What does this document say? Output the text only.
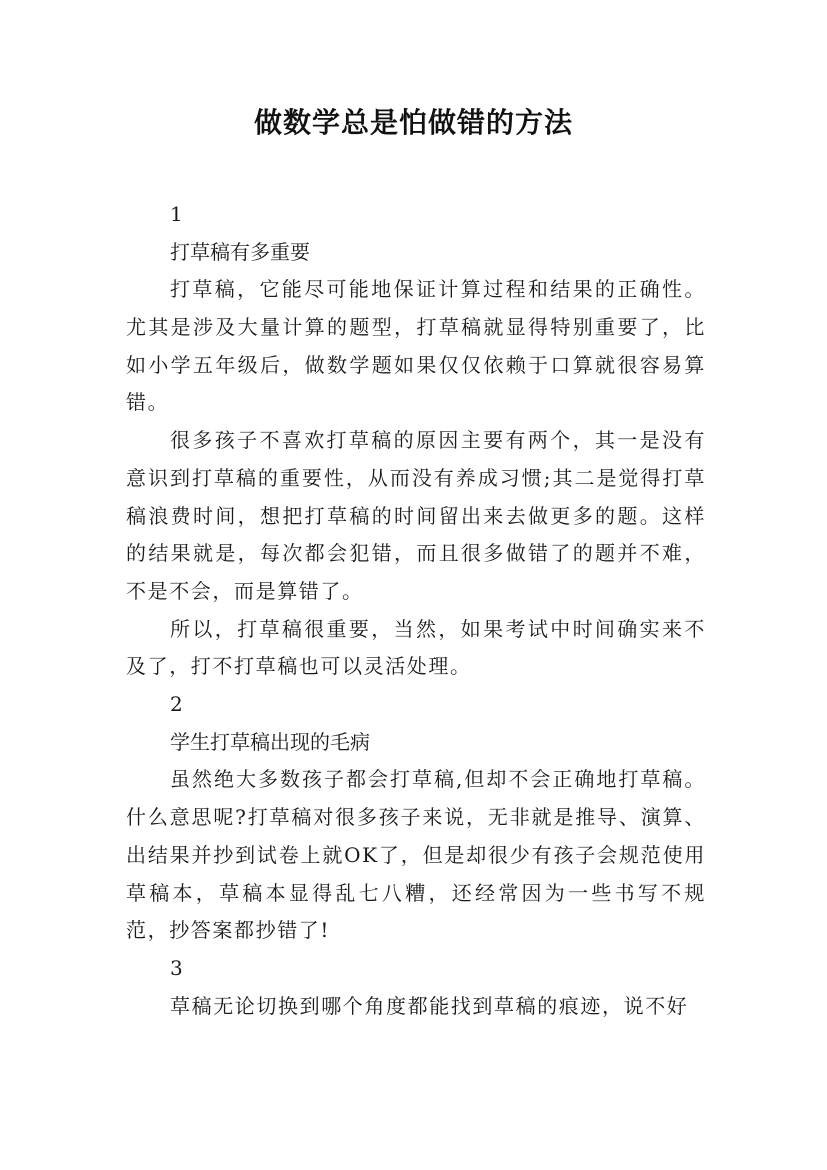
做数学总是怕做错的方法
1
打草稿有多重要
打草稿，它能尽可能地保证计算过程和结果的正确性。尤其是涉及大量计算的题型，打草稿就显得特别重要了，比如小学五年级后，做数学题如果仅仅依赖于口算就很容易算错。
很多孩子不喜欢打草稿的原因主要有两个，其一是没有意识到打草稿的重要性，从而没有养成习惯;其二是觉得打草稿浪费时间，想把打草稿的时间留出来去做更多的题。这样的结果就是，每次都会犯错，而且很多做错了的题并不难，不是不会，而是算错了。
所以，打草稿很重要，当然，如果考试中时间确实来不及了，打不打草稿也可以灵活处理。
2
学生打草稿出现的毛病
虽然绝大多数孩子都会打草稿,但却不会正确地打草稿。什么意思呢?打草稿对很多孩子来说，无非就是推导、演算、出结果并抄到试卷上就OK了，但是却很少有孩子会规范使用草稿本，草稿本显得乱七八糟，还经常因为一些书写不规范，抄答案都抄错了!
3
草稿无论切换到哪个角度都能找到草稿的痕迹，说不好
